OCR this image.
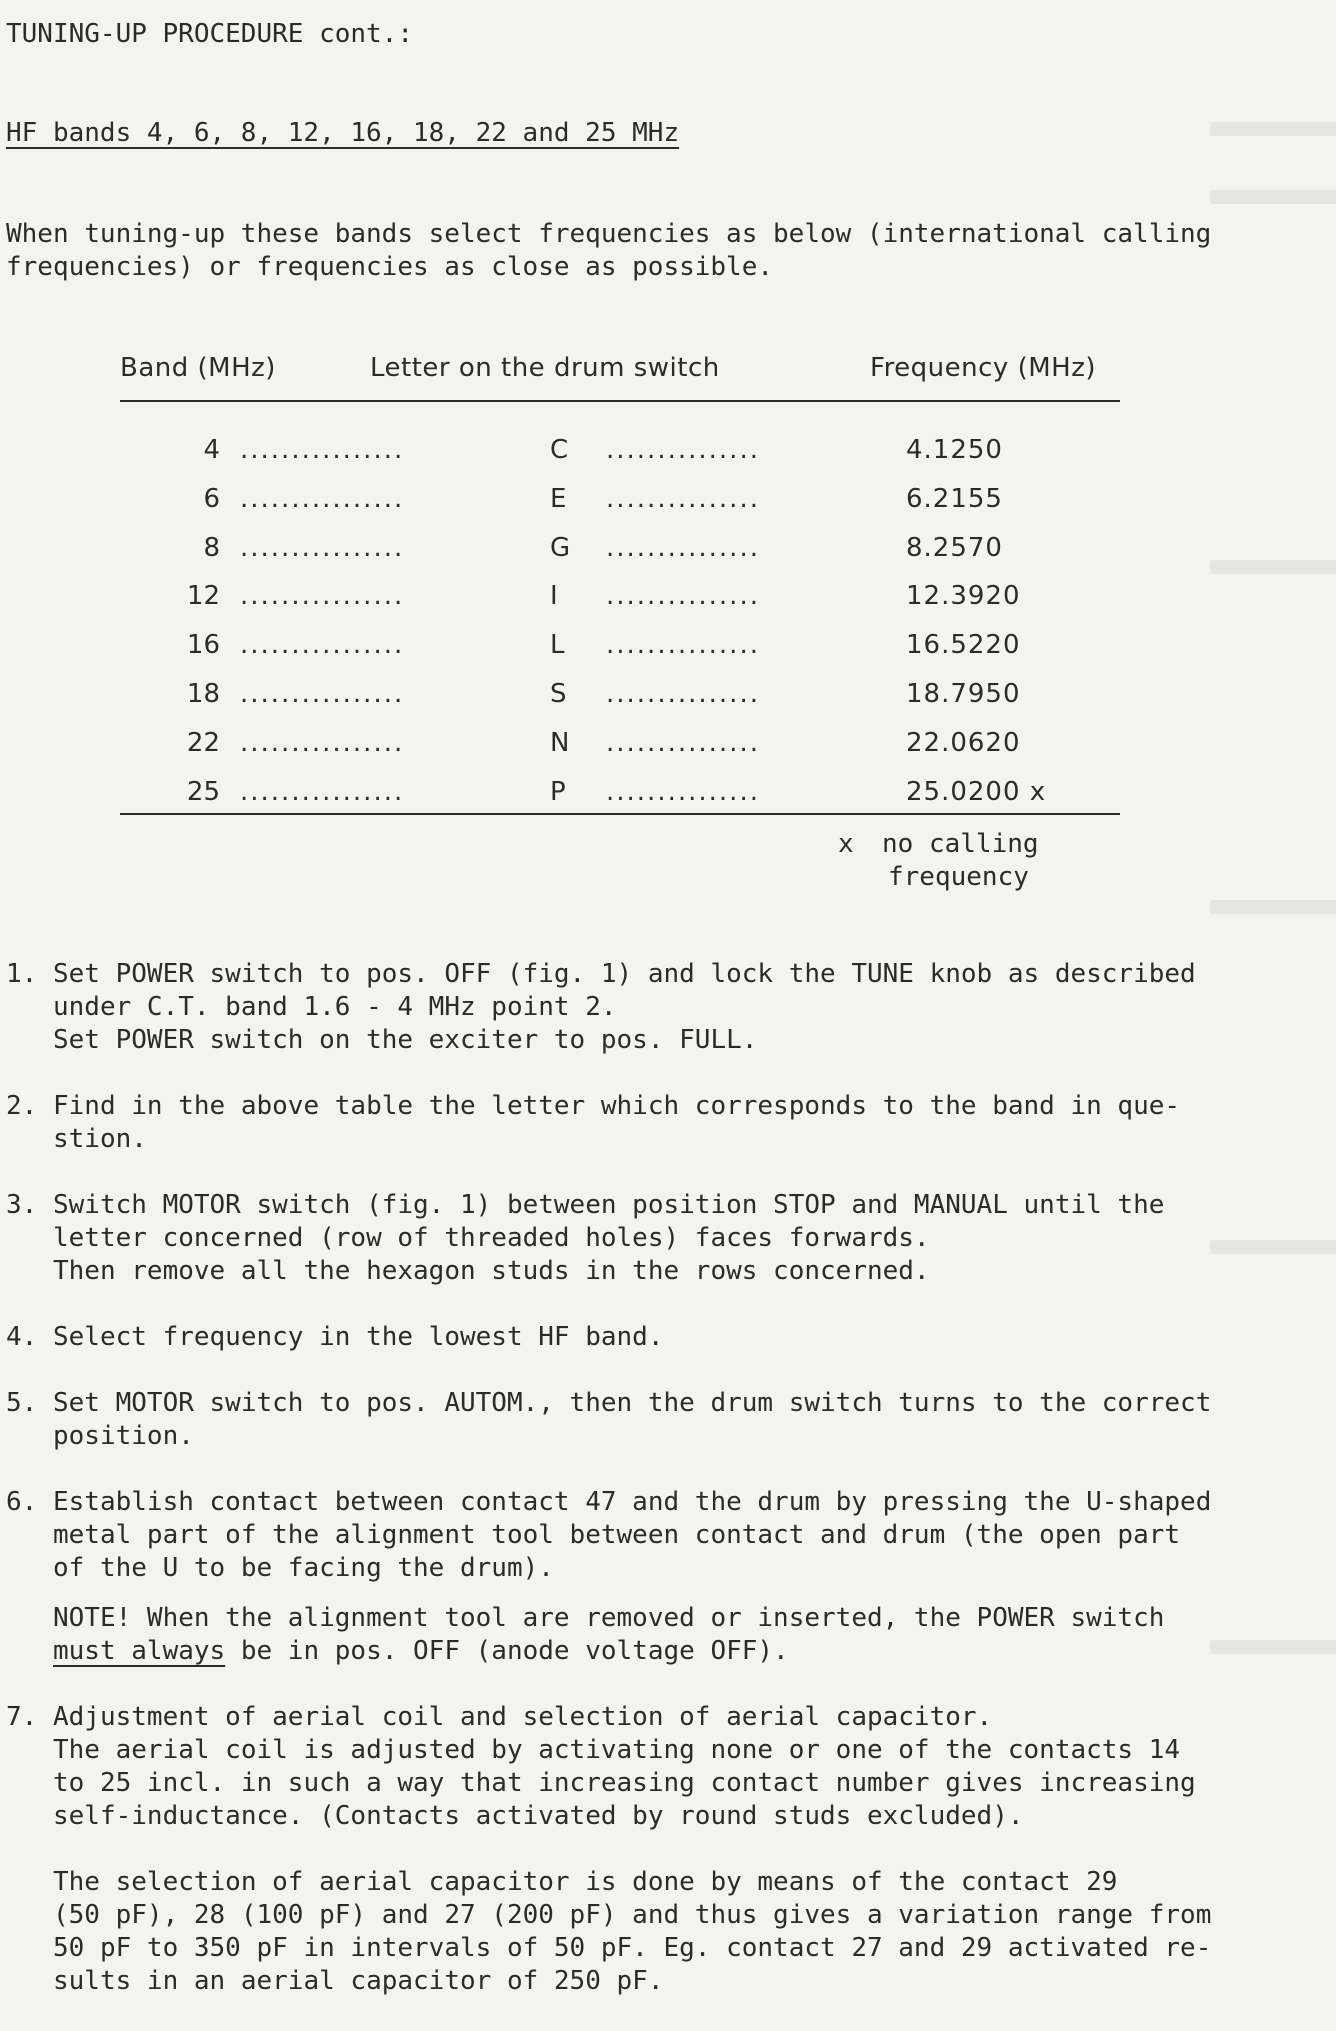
TUNING-UP PROCEDURE cont.:
HF bands 4, 6, 8, 12, 16, 18, 22 and 25 MHz

When tuning-up these bands select frequencies as below (international calling frequencies) or frequencies as close as possible.

Band (MHz)	Letter on the drum switch	Frequency (MHz)
4 ................	C ...............	4.1250
6 ................	E ...............	6.2155
8 ................	G ...............	8.2570
12 ................	I ...............	12.3920
16 ................	L ...............	16.5220
18 ................	S ...............	18.7950
22 ................	N ...............	22.0620
25 ................	P ...............	25.0200 x

x no calling
frequency

1. Set POWER switch to pos. OFF (fig. 1) and lock the TUNE knob as described
under C.T. band 1.6 - 4 MHz point 2.
Set POWER switch on the exciter to pos. FULL.

2. Find in the above table the letter which corresponds to the band in que-
stion.

3. Switch MOTOR switch (fig. 1) between position STOP and MANUAL until the
letter concerned (row of threaded holes) faces forwards.
Then remove all the hexagon studs in the rows concerned.

4. Select frequency in the lowest HF band.

5. Set MOTOR switch to pos. AUTOM., then the drum switch turns to the correct
position.

6. Establish contact between contact 47 and the drum by pressing the U-shaped
metal part of the alignment tool between contact and drum (the open part
of the U to be facing the drum).

NOTE! When the alignment tool are removed or inserted, the POWER switch
must always be in pos. OFF (anode voltage OFF).

7. Adjustment of aerial coil and selection of aerial capacitor.
The aerial coil is adjusted by activating none or one of the contacts 14
to 25 incl. in such a way that increasing contact number gives increasing
self-inductance. (Contacts activated by round studs excluded).

The selection of aerial capacitor is done by means of the contact 29
(50 pF), 28 (100 pF) and 27 (200 pF) and thus gives a variation range from
50 pF to 350 pF in intervals of 50 pF. Eg. contact 27 and 29 activated re-
sults in an aerial capacitor of 250 pF.
